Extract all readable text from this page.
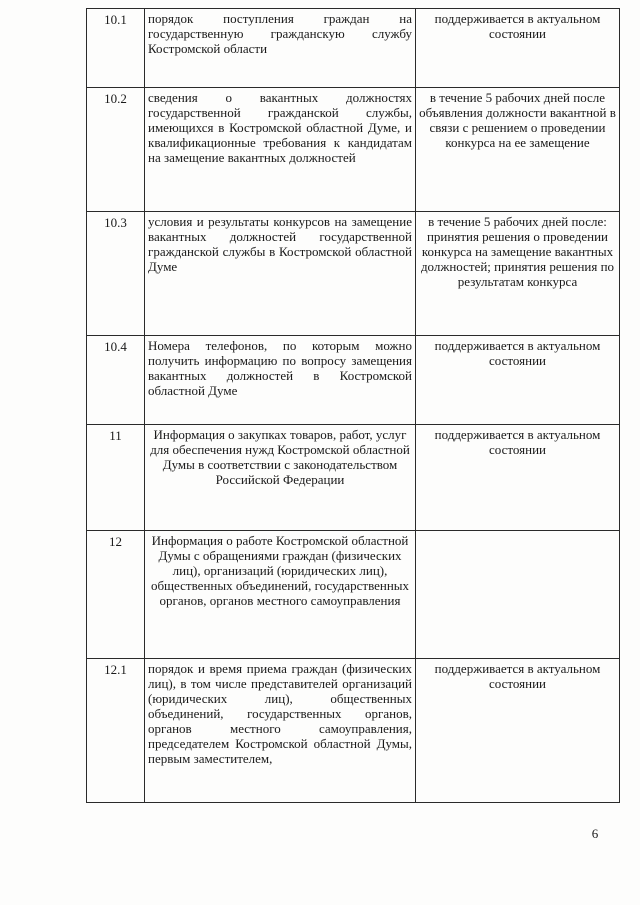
10.1	порядок поступления граждан на государственную гражданскую службу Костромской области	поддерживается в актуальном состоянии
10.2	сведения о вакантных должностях государственной гражданской службы, имеющихся в Костромской областной Думе, и квалификационные требования к кандидатам на замещение вакантных должностей	в течение 5 рабочих дней после объявления должности вакантной в связи с решением о проведении конкурса на ее замещение
10.3	условия и результаты конкурсов на замещение вакантных должностей государственной гражданской службы в Костромской областной Думе	в течение 5 рабочих дней после: принятия решения о проведении конкурса на замещение вакантных должностей; принятия решения по результатам конкурса
10.4	Номера телефонов, по которым можно получить информацию по вопросу замещения вакантных должностей в Костромской областной Думе	поддерживается в актуальном состоянии
11	Информация о закупках товаров, работ, услуг для обеспечения нужд Костромской областной Думы в соответствии с законодательством Российской Федерации	поддерживается в актуальном состоянии
12	Информация о работе Костромской областной Думы с обращениями граждан (физических лиц), организаций (юридических лиц), общественных объединений, государственных органов, органов местного самоуправления	
12.1	порядок и время приема граждан (физических лиц), в том числе представителей организаций (юридических лиц), общественных объединений, государственных органов, органов местного самоуправления, председателем Костромской областной Думы, первым заместителем,	поддерживается в актуальном состоянии
6
